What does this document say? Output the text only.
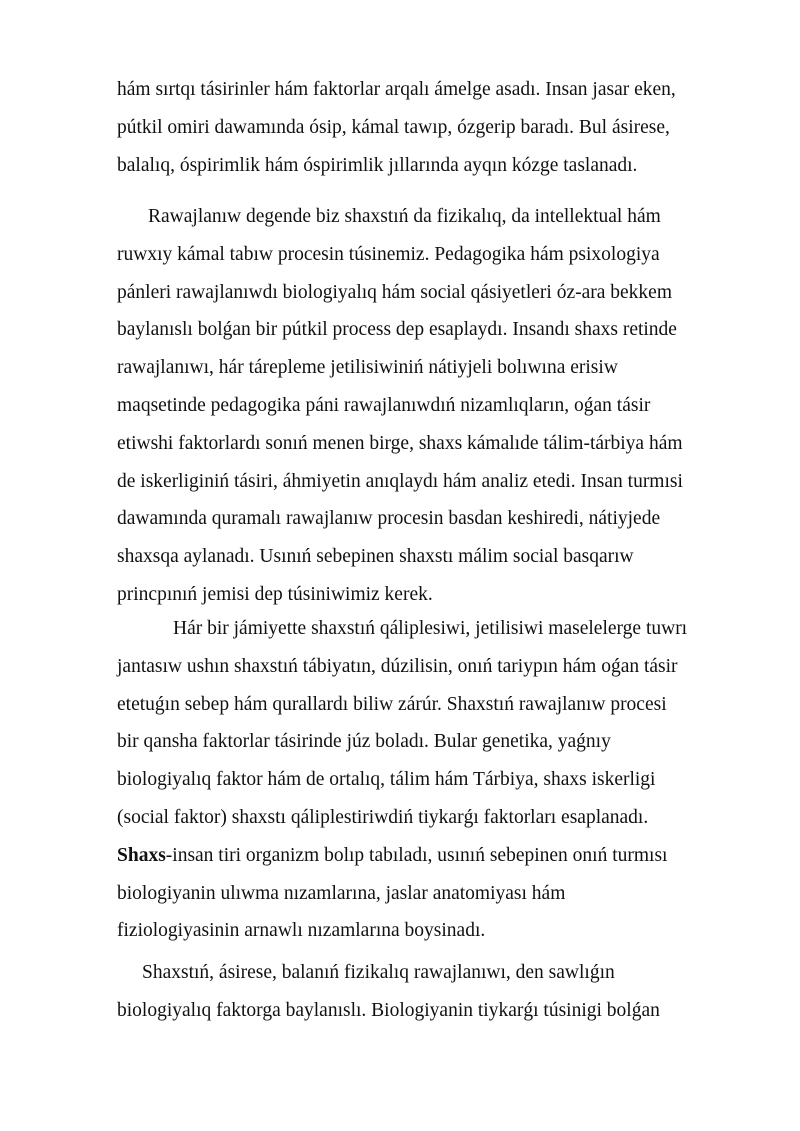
hám sırtqı tásirinler hám faktorlar arqalı ámelge asadı. Insan jasar eken,
pútkil omiri dawamında ósip, kámal tawıp, ózgerip baradı. Bul ásirese,
balalıq, óspirimlik hám óspirimlik jıllarında ayqın kózge taslanadı.
Rawajlanıw degende biz shaxstıń da fizikalıq, da intellektual hám
ruwxıy kámal tabıw procesin túsinemiz. Pedagogika hám psixologiya
pánleri rawajlanıwdı biologiyalıq hám social qásiyetleri óz-ara bekkem
baylanıslı bolǵan bir pútkil process dep esaplaydı. Insandı shaxs retinde
rawajlanıwı, hár tárepleme jetilisiwiniń nátiyjeli bolıwına erisiw
maqsetinde pedagogika páni rawajlanıwdıń nizamlıqların, oǵan tásir
etiwshi faktorlardı sonıń menen birge, shaxs kámalıde tálim-tárbiya hám
de iskerliginiń tásiri, áhmiyetin anıqlaydı hám analiz etedi. Insan turmısi
dawamında quramalı rawajlanıw procesin basdan keshiredi, nátiyjede
shaxsqa aylanadı. Usınıń sebepinen shaxstı málim social basqarıw
princpınıń jemisi dep túsiniwimiz kerek.
Hár bir jámiyette shaxstıń qáliplesiwi, jetilisiwi maselelerge tuwrı
jantasıw ushın shaxstıń tábiyatın, dúzilisin, onıń tariypın hám oǵan tásir
etetuǵın sebep hám qurallardı biliw zárúr. Shaxstıń rawajlanıw procesi
bir qansha faktorlar tásirinde júz boladı. Bular genetika, yaǵnıy
biologiyalıq faktor hám de ortalıq, tálim hám Tárbiya, shaxs iskerligi
(social faktor) shaxstı qáliplestiriwdiń tiykarǵı faktorları esaplanadı.
Shaxs-insan tiri organizm bolıp tabıladı, usınıń sebepinen onıń turmısı
biologiyanin ulıwma nızamlarına, jaslar anatomiyası hám
fiziologiyasinin arnawlı nızamlarına boysinadı.
Shaxstıń, ásirese, balanıń fizikalıq rawajlanıwı, den sawlıǵın
biologiyalıq faktorga baylanıslı. Biologiyanin tiykarǵı túsinigi bolǵan
